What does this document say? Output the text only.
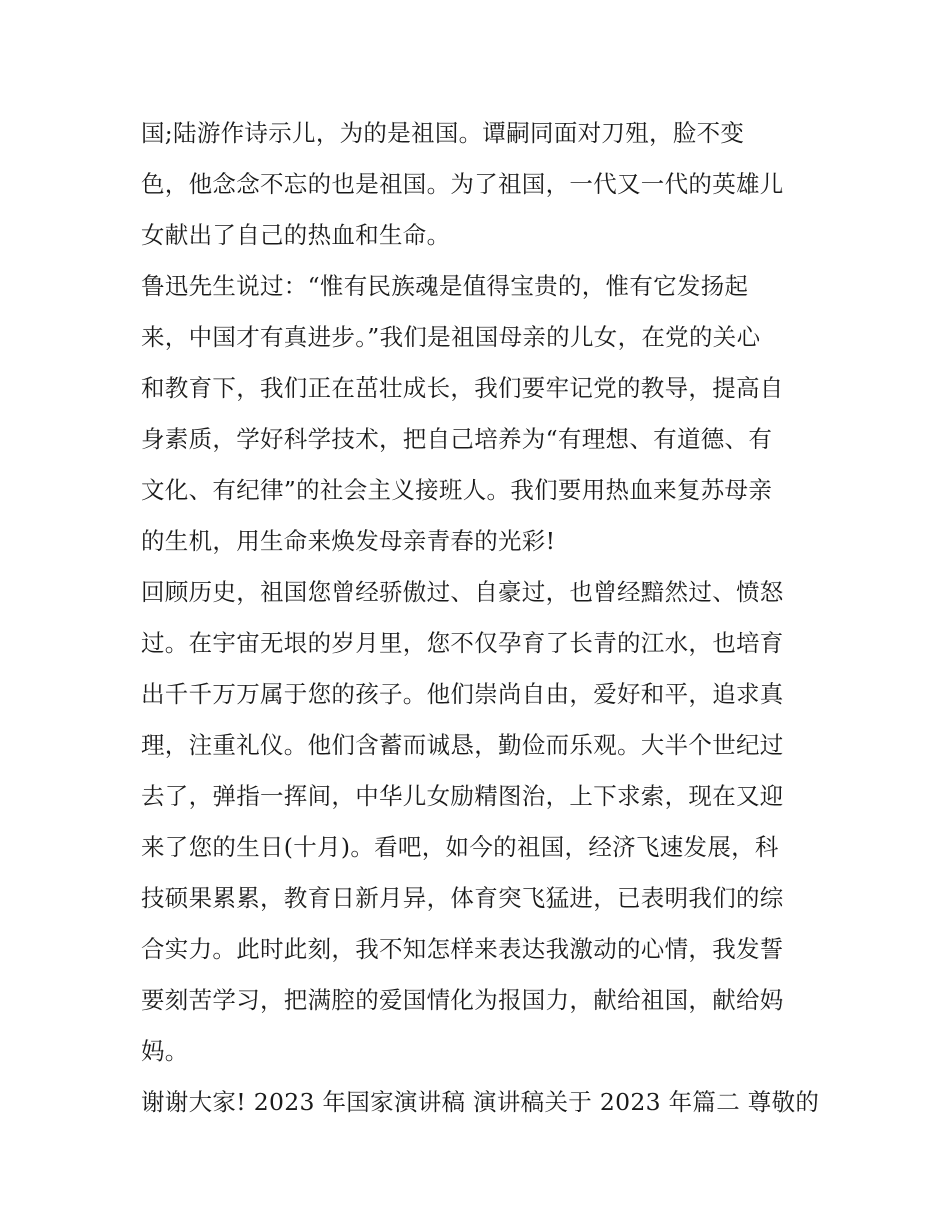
国;陆游作诗示儿，为的是祖国。谭嗣同面对刀殂，脸不变
色，他念念不忘的也是祖国。为了祖国，一代又一代的英雄儿
女献出了自己的热血和生命。
鲁迅先生说过：“惟有民族魂是值得宝贵的，惟有它发扬起
来，中国才有真进步。”我们是祖国母亲的儿女，在党的关心
和教育下，我们正在茁壮成长，我们要牢记党的教导，提高自
身素质，学好科学技术，把自己培养为“有理想、有道德、有
文化、有纪律”的社会主义接班人。我们要用热血来复苏母亲
的生机，用生命来焕发母亲青春的光彩!
回顾历史，祖国您曾经骄傲过、自豪过，也曾经黯然过、愤怒
过。在宇宙无垠的岁月里，您不仅孕育了长青的江水，也培育
出千千万万属于您的孩子。他们崇尚自由，爱好和平，追求真
理，注重礼仪。他们含蓄而诚恳，勤俭而乐观。大半个世纪过
去了，弹指一挥间，中华儿女励精图治，上下求索，现在又迎
来了您的生日(十月)。看吧，如今的祖国，经济飞速发展，科
技硕果累累，教育日新月异，体育突飞猛进，已表明我们的综
合实力。此时此刻，我不知怎样来表达我激动的心情，我发誓
要刻苦学习，把满腔的爱国情化为报国力，献给祖国，献给妈
妈。
谢谢大家! 2023 年国家演讲稿 演讲稿关于 2023 年篇二 尊敬的
